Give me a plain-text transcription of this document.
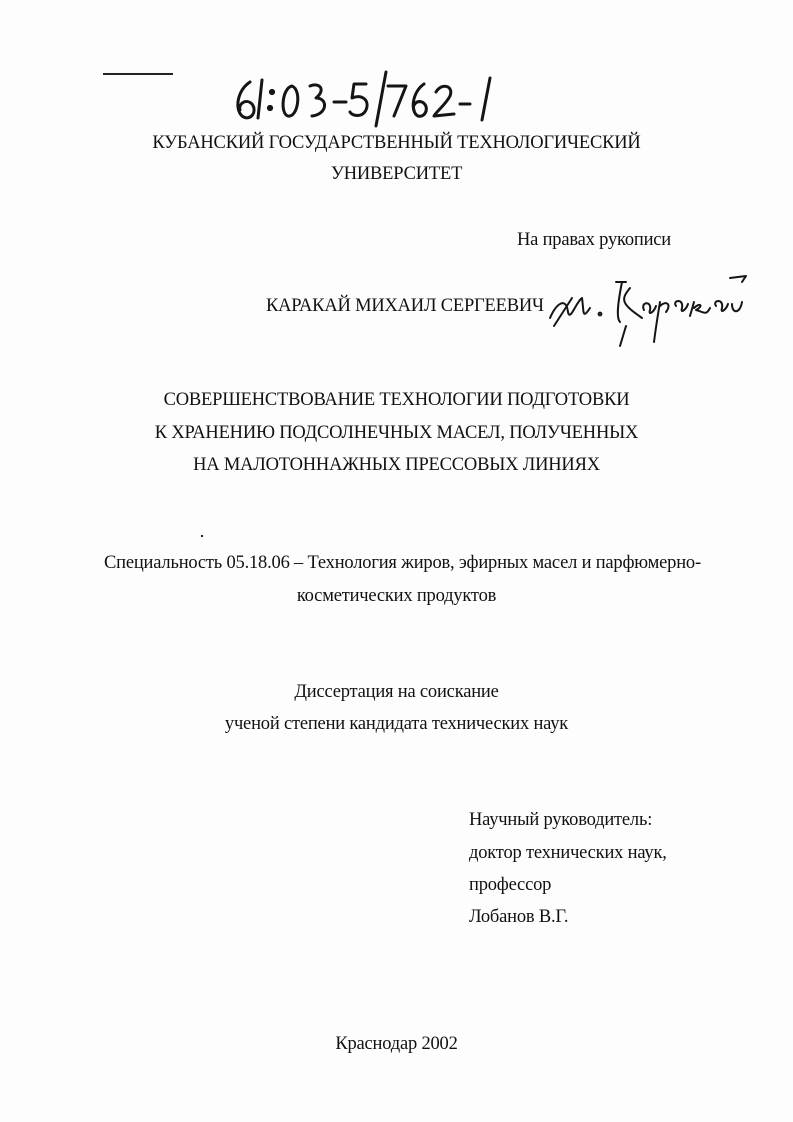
КУБАНСКИЙ ГОСУДАРСТВЕННЫЙ ТЕХНОЛОГИЧЕСКИЙ
УНИВЕРСИТЕТ
На правах рукописи
КАРАКАЙ МИХАИЛ СЕРГЕЕВИЧ
СОВЕРШЕНСТВОВАНИЕ ТЕХНОЛОГИИ ПОДГОТОВКИ
К ХРАНЕНИЮ ПОДСОЛНЕЧНЫХ МАСЕЛ, ПОЛУЧЕННЫХ
НА МАЛОТОННАЖНЫХ ПРЕССОВЫХ ЛИНИЯХ
Специальность 05.18.06 – Технология жиров, эфирных масел и парфюмерно-
косметических продуктов
Диссертация на соискание
ученой степени кандидата технических наук
Научный руководитель:
доктор технических наук,
профессор
Лобанов В.Г.
Краснодар 2002
